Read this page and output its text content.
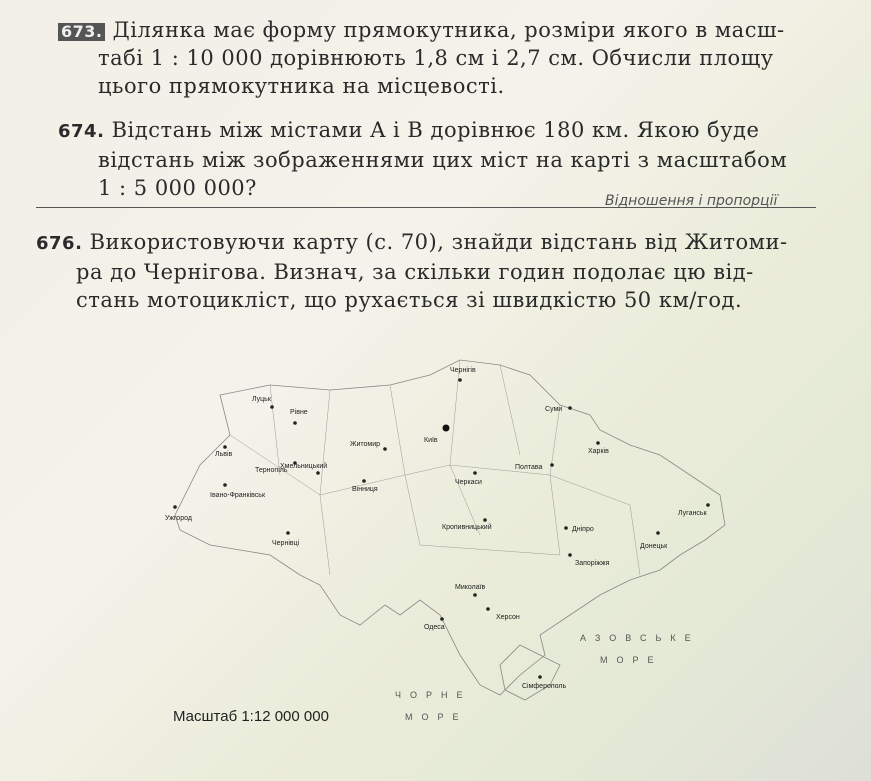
673. Ділянка має форму прямокутника, розміри якого в масш-
табі 1 : 10 000 дорівнюють 1,8 см і 2,7 см. Обчисли площу
цього прямокутника на місцевості.
674. Відстань між містами A і B дорівнює 180 км. Якою буде
відстань між зображеннями цих міст на карті з масштабом
1 : 5 000 000?
Відношення і пропорції
676. Використовуючи карту (с. 70), знайди відстань від Житоми-
ра до Чернігова. Визнач, за скільки годин подолає цю від-
стань мотоцикліст, що рухається зі швидкістю 50 км/год.
Чернігів
Суми
Луцьк
Рівне
Житомир
Київ
Харків
Львів
Тернопіль
Хмельницький	Полтава
Черкаси
Вінниця
Івано-Франківськ
Луганськ
Ужгород
Кропивницький	Дніпро
Чернівці	Донецьк
Запоріжжя
Миколаїв
Одеса
Херсон
Сімферополь
АЗОВСЬКЕ
МОРЕ
ЧОРНЕ
МОРЕ
Масштаб 1:12 000 000
